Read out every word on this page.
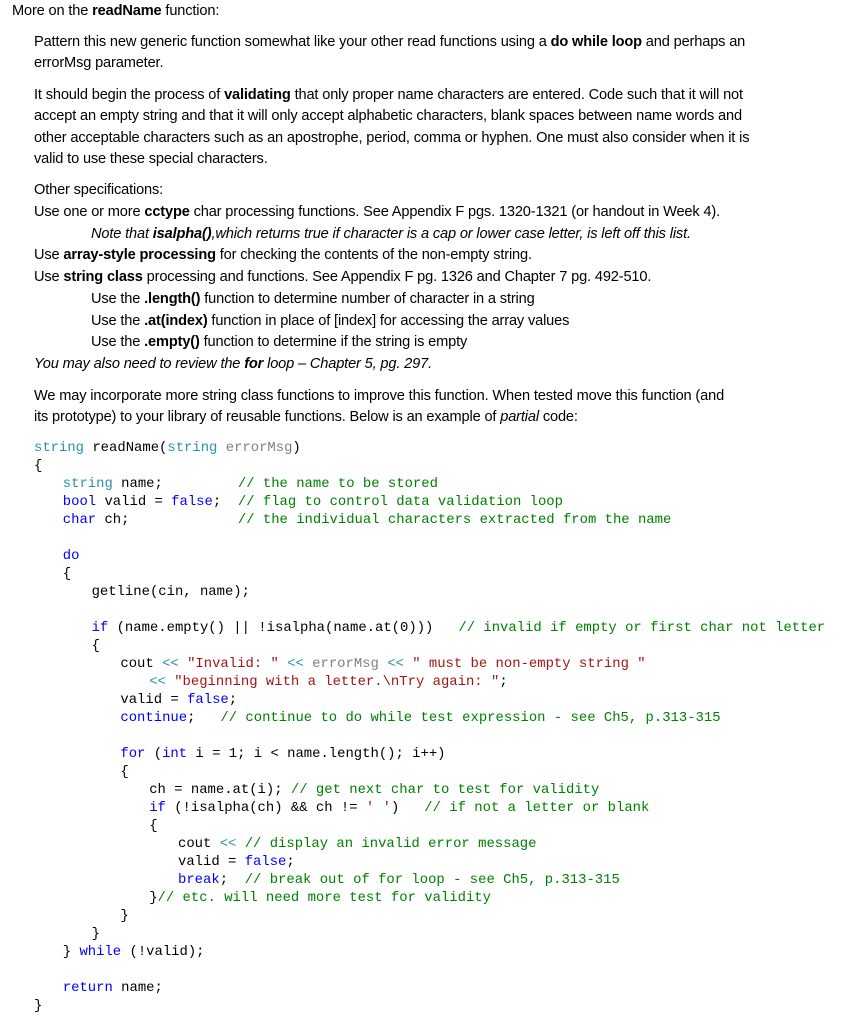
More on the readName function:
Pattern this new generic function somewhat like your other read functions using a do while loop and perhaps an
errorMsg parameter.
It should begin the process of validating that only proper name characters are entered. Code such that it will not
accept an empty string and that it will only accept alphabetic characters, blank spaces between name words and
other acceptable characters such as an apostrophe, period, comma or hyphen. One must also consider when it is
valid to use these special characters.
Other specifications:
Use one or more cctype char processing functions. See Appendix F pgs. 1320-1321 (or handout in Week 4).
Note that isalpha(),which returns true if character is a cap or lower case letter, is left off this list.
Use array-style processing for checking the contents of the non-empty string.
Use string class processing and functions. See Appendix F pg. 1326 and Chapter 7 pg. 492-510.
Use the .length() function to determine number of character in a string
Use the .at(index) function in place of [index] for accessing the array values
Use the .empty() function to determine if the string is empty
You may also need to review the for loop – Chapter 5, pg. 297.
We may incorporate more string class functions to improve this function. When tested move this function (and
its prototype) to your library of reusable functions. Below is an example of partial code:
string readName(string errorMsg)
{
string name;         // the name to be stored
bool valid = false;  // flag to control data validation loop
char ch;             // the individual characters extracted from the name
do
{
getline(cin, name);
if (name.empty() || !isalpha(name.at(0)))   // invalid if empty or first char not letter
{
cout << "Invalid: " << errorMsg << " must be non-empty string "
<< "beginning with a letter.\nTry again: ";
valid = false;
continue;   // continue to do while test expression - see Ch5, p.313-315
for (int i = 1; i < name.length(); i++)
{
ch = name.at(i); // get next char to test for validity
if (!isalpha(ch) && ch != ' ')   // if not a letter or blank
{
cout << // display an invalid error message
valid = false;
break;  // break out of for loop - see Ch5, p.313-315
}// etc. will need more test for validity
}
}
} while (!valid);
return name;
}
